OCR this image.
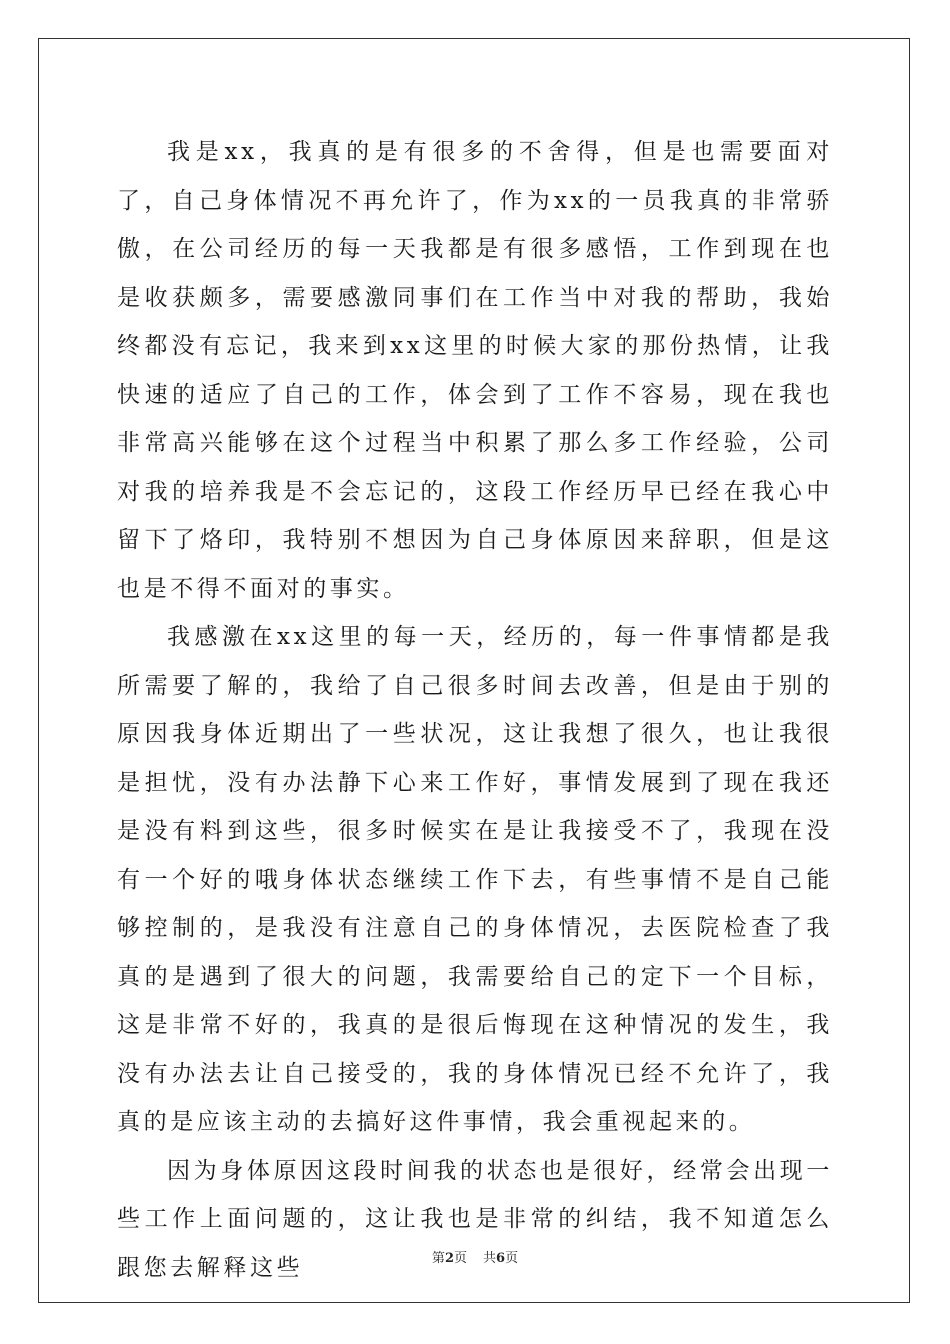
我是xx，我真的是有很多的不舍得，但是也需要面对了，自己身体情况不再允许了，作为xx的一员我真的非常骄傲，在公司经历的每一天我都是有很多感悟，工作到现在也是收获颇多，需要感激同事们在工作当中对我的帮助，我始终都没有忘记，我来到xx这里的时候大家的那份热情，让我快速的适应了自己的工作，体会到了工作不容易，现在我也非常高兴能够在这个过程当中积累了那么多工作经验，公司对我的培养我是不会忘记的，这段工作经历早已经在我心中留下了烙印，我特别不想因为自己身体原因来辞职，但是这也是不得不面对的事实。

我感激在xx这里的每一天，经历的，每一件事情都是我所需要了解的，我给了自己很多时间去改善，但是由于别的原因我身体近期出了一些状况，这让我想了很久，也让我很是担忧，没有办法静下心来工作好，事情发展到了现在我还是没有料到这些，很多时候实在是让我接受不了，我现在没有一个好的哦身体状态继续工作下去，有些事情不是自己能够控制的，是我没有注意自己的身体情况，去医院检查了我真的是遇到了很大的问题，我需要给自己的定下一个目标，这是非常不好的，我真的是很后悔现在这种情况的发生，我没有办法去让自己接受的，我的身体情况已经不允许了，我真的是应该主动的去搞好这件事情，我会重视起来的。

因为身体原因这段时间我的状态也是很好，经常会出现一些工作上面问题的，这让我也是非常的纠结，我不知道怎么跟您去解释这些	第2页 共6页
